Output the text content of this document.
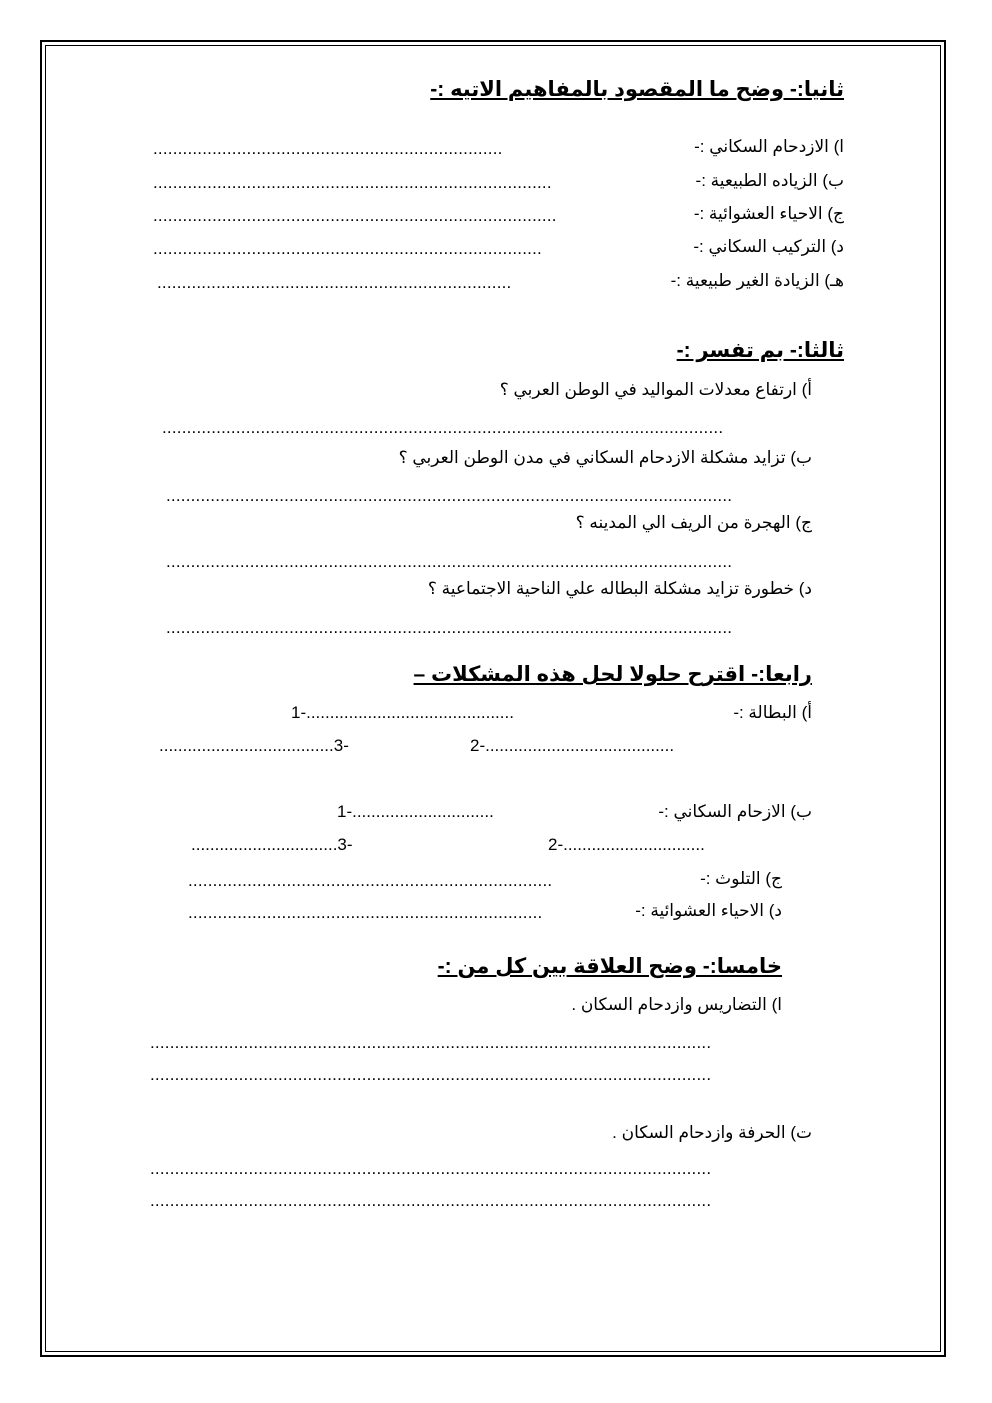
ثانيا:- وضح ما المقصود بالمفاهيم الاتيه :-
ا) الازدحام السكاني :-
.......................................................................
ب) الزياده الطبيعية :-
.................................................................................
ج) الاحياء العشوائية :-
..................................................................................
د) التركيب السكاني :-
...............................................................................
هـ) الزيادة الغير طبيعية :-
........................................................................
ثالثا:- بم تفسر :-
أ) ارتفاع معدلات المواليد في الوطن العربي ؟
..................................................................................................................
ب) تزايد مشكلة الازدحام السكاني في مدن الوطن العربي ؟
...................................................................................................................
ج) الهجرة من الريف الي المدينه ؟
...................................................................................................................
د) خطورة تزايد مشكلة البطاله علي الناحية الاجتماعية ؟
...................................................................................................................
رابعا:- اقترح حلولا لحل هذه المشكلات –
أ) البطالة :-
1-............................................
2-........................................
.....................................3-
ب) الازحام السكاني :-
1-..............................
2-..............................
...............................3-
ج) التلوث :-
..........................................................................
د) الاحياء العشوائية :-
........................................................................
خامسا:- وضح العلاقة بين كل من :-
ا) التضاريس وازدحام السكان .
..................................................................................................................
..................................................................................................................
ت) الحرفة وازدحام السكان .
..................................................................................................................
..................................................................................................................
